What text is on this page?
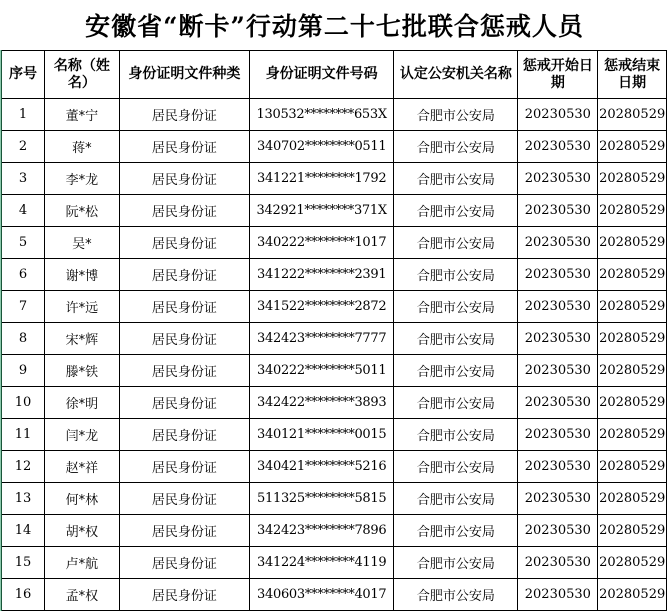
安徽省“断卡”行动第二十七批联合惩戒人员
序号	名称（姓名）	身份证明文件种类	身份证明文件号码	认定公安机关名称	惩戒开始日期	惩戒结束日期
1	董*宁	居民身份证	130532********653X	合肥市公安局	20230530	20280529
2	蒋*	居民身份证	340702********0511	合肥市公安局	20230530	20280529
3	李*龙	居民身份证	341221********1792	合肥市公安局	20230530	20280529
4	阮*松	居民身份证	342921********371X	合肥市公安局	20230530	20280529
5	吴*	居民身份证	340222********1017	合肥市公安局	20230530	20280529
6	谢*博	居民身份证	341222********2391	合肥市公安局	20230530	20280529
7	许*远	居民身份证	341522********2872	合肥市公安局	20230530	20280529
8	宋*辉	居民身份证	342423********7777	合肥市公安局	20230530	20280529
9	滕*铁	居民身份证	340222********5011	合肥市公安局	20230530	20280529
10	徐*明	居民身份证	342422********3893	合肥市公安局	20230530	20280529
11	闫*龙	居民身份证	340121********0015	合肥市公安局	20230530	20280529
12	赵*祥	居民身份证	340421********5216	合肥市公安局	20230530	20280529
13	何*林	居民身份证	511325********5815	合肥市公安局	20230530	20280529
14	胡*权	居民身份证	342423********7896	合肥市公安局	20230530	20280529
15	卢*航	居民身份证	341224********4119	合肥市公安局	20230530	20280529
16	孟*权	居民身份证	340603********4017	合肥市公安局	20230530	20280529
